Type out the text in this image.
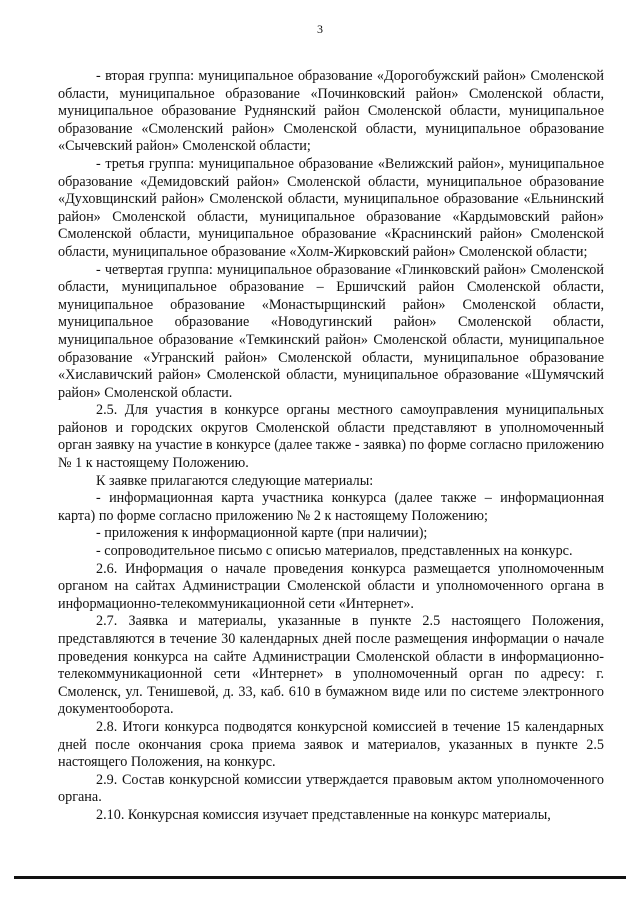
3

- вторая группа: муниципальное образование «Дорогобужский район» Смоленской области, муниципальное образование «Починковский район» Смоленской области, муниципальное образование Руднянский район Смоленской области, муниципальное образование «Смоленский район» Смоленской области, муниципальное образование «Сычевский район» Смоленской области;

- третья группа: муниципальное образование «Велижский район», муниципальное образование «Демидовский район» Смоленской области, муниципальное образование «Духовщинский район» Смоленской области, муниципальное образование «Ельнинский район» Смоленской области, муниципальное образование «Кардымовский район» Смоленской области, муниципальное образование «Краснинский район» Смоленской области, муниципальное образование «Холм-Жирковский район» Смоленской области;

- четвертая группа: муниципальное образование «Глинковский район» Смоленской области, муниципальное образование – Ершичский район Смоленской области, муниципальное образование «Монастырщинский район» Смоленской области, муниципальное образование «Новодугинский район» Смоленской области, муниципальное образование «Темкинский район» Смоленской области, муниципальное образование «Угранский район» Смоленской области, муниципальное образование «Хиславичский район» Смоленской области, муниципальное образование «Шумячский район» Смоленской области.

2.5. Для участия в конкурсе органы местного самоуправления муниципальных районов и городских округов Смоленской области представляют в уполномоченный орган заявку на участие в конкурсе (далее также - заявка) по форме согласно приложению № 1 к настоящему Положению.

К заявке прилагаются следующие материалы:

- информационная карта участника конкурса (далее также – информационная карта) по форме согласно приложению № 2 к настоящему Положению;

- приложения к информационной карте (при наличии);

- сопроводительное письмо с описью материалов, представленных на конкурс.

2.6. Информация о начале проведения конкурса размещается уполномоченным органом на сайтах Администрации Смоленской области и уполномоченного органа в информационно-телекоммуникационной сети «Интернет».

2.7. Заявка и материалы, указанные в пункте 2.5 настоящего Положения, представляются в течение 30 календарных дней после размещения информации о начале проведения конкурса на сайте Администрации Смоленской области в информационно-телекоммуникационной сети «Интернет» в уполномоченный орган по адресу: г. Смоленск, ул. Тенишевой, д. 33, каб. 610 в бумажном виде или по системе электронного документооборота.

2.8. Итоги конкурса подводятся конкурсной комиссией в течение 15 календарных дней после окончания срока приема заявок и материалов, указанных в пункте 2.5 настоящего Положения, на конкурс.

2.9. Состав конкурсной комиссии утверждается правовым актом уполномоченного органа.

2.10. Конкурсная комиссия изучает представленные на конкурс материалы,
